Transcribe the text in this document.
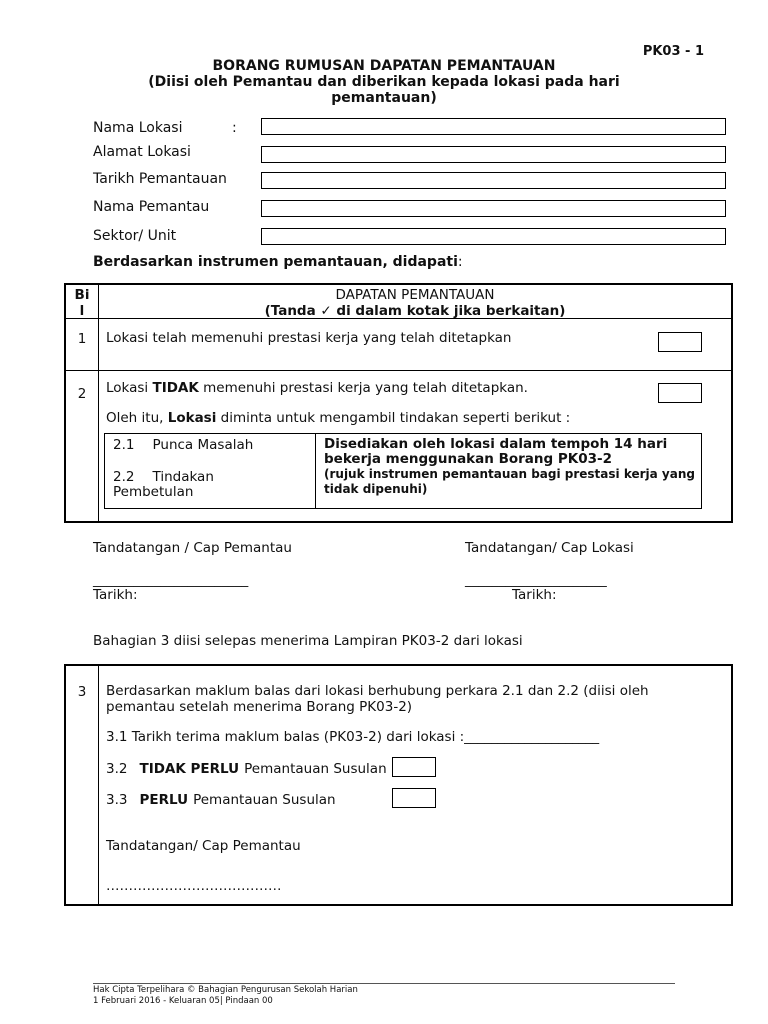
PK03 - 1
BORANG RUMUSAN DAPATAN PEMANTAUAN
(Diisi oleh Pemantau dan diberikan kepada lokasi pada hari
pemantauan)
Nama Lokasi	:
Alamat Lokasi
Tarikh Pemantauan
Nama Pemantau
Sektor/ Unit
Berdasarkan instrumen pemantauan, didapati:
Bi
l
DAPATAN PEMANTAUAN
(Tanda ✓ di dalam kotak jika berkaitan)
1	Lokasi telah memenuhi prestasi kerja yang telah ditetapkan
2	Lokasi TIDAK memenuhi prestasi kerja yang telah ditetapkan.
Oleh itu, Lokasi diminta untuk mengambil tindakan seperti berikut :
2.1 Punca Masalah
2.2 Tindakan
Pembetulan
Disediakan oleh lokasi dalam tempoh 14 hari bekerja menggunakan Borang PK03-2
(rujuk instrumen pemantauan bagi prestasi kerja yang tidak dipenuhi)
Tandatangan / Cap Pemantau	Tandatangan/ Cap Lokasi
_______________________	_____________________
Tarikh:	Tarikh:
Bahagian 3 diisi selepas menerima Lampiran PK03-2 dari lokasi
3	Berdasarkan maklum balas dari lokasi berhubung perkara 2.1 dan 2.2 (diisi oleh pemantau setelah menerima Borang PK03-2)
3.1 Tarikh terima maklum balas (PK03-2) dari lokasi :____________________
3.2 TIDAK PERLU Pemantauan Susulan
3.3 PERLU Pemantauan Susulan
Tandatangan/ Cap Pemantau
…………………………………
Hak Cipta Terpelihara © Bahagian Pengurusan Sekolah Harian
1 Februari 2016 - Keluaran 05| Pindaan 00
